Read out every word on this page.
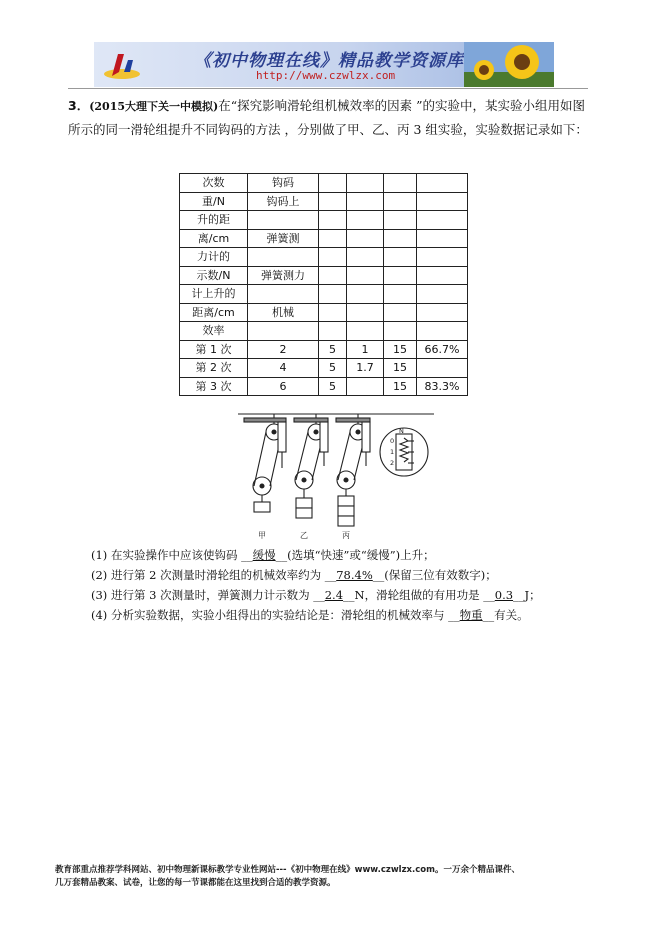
《初中物理在线》精品教学资源库
http://www.czwlzx.com
3．(2015大理下关一中模拟)在“探究影响滑轮组机械效率的因素 ”的实验中，某实验小组用如图所示的同一滑轮组提升不同钩码的方法 ，分别做了甲、乙、丙 3 组实验，实验数据记录如下：
次数	钩码				
重/N	钩码上				
升的距					
离/cm	弹簧测				
力计的					
示数/N	弹簧测力				
计上升的					
距离/cm	机械				
效率					
第 1 次	2	5	1	15	66.7%
第 2 次	4	5	1.7	15	
第 3 次	6	5		15	83.3%
N
0
1
2
甲	乙	丙
(1) 在实验操作中应该使钩码 __缓慢__(选填“快速”或“缓慢”)上升；
(2) 进行第 2 次测量时滑轮组的机械效率约为 __78.4%__(保留三位有效数字)；
(3) 进行第 3 次测量时，弹簧测力计示数为 __2.4__N，滑轮组做的有用功是 __0.3__J；
(4) 分析实验数据，实验小组得出的实验结论是：滑轮组的机械效率与 __物重__有关。
教育部重点推荐学科网站、初中物理新课标教学专业性网站---《初中物理在线》www.czwlzx.com。一万余个精品课件、
几万套精品教案、试卷，让您的每一节课都能在这里找到合适的教学资源。
